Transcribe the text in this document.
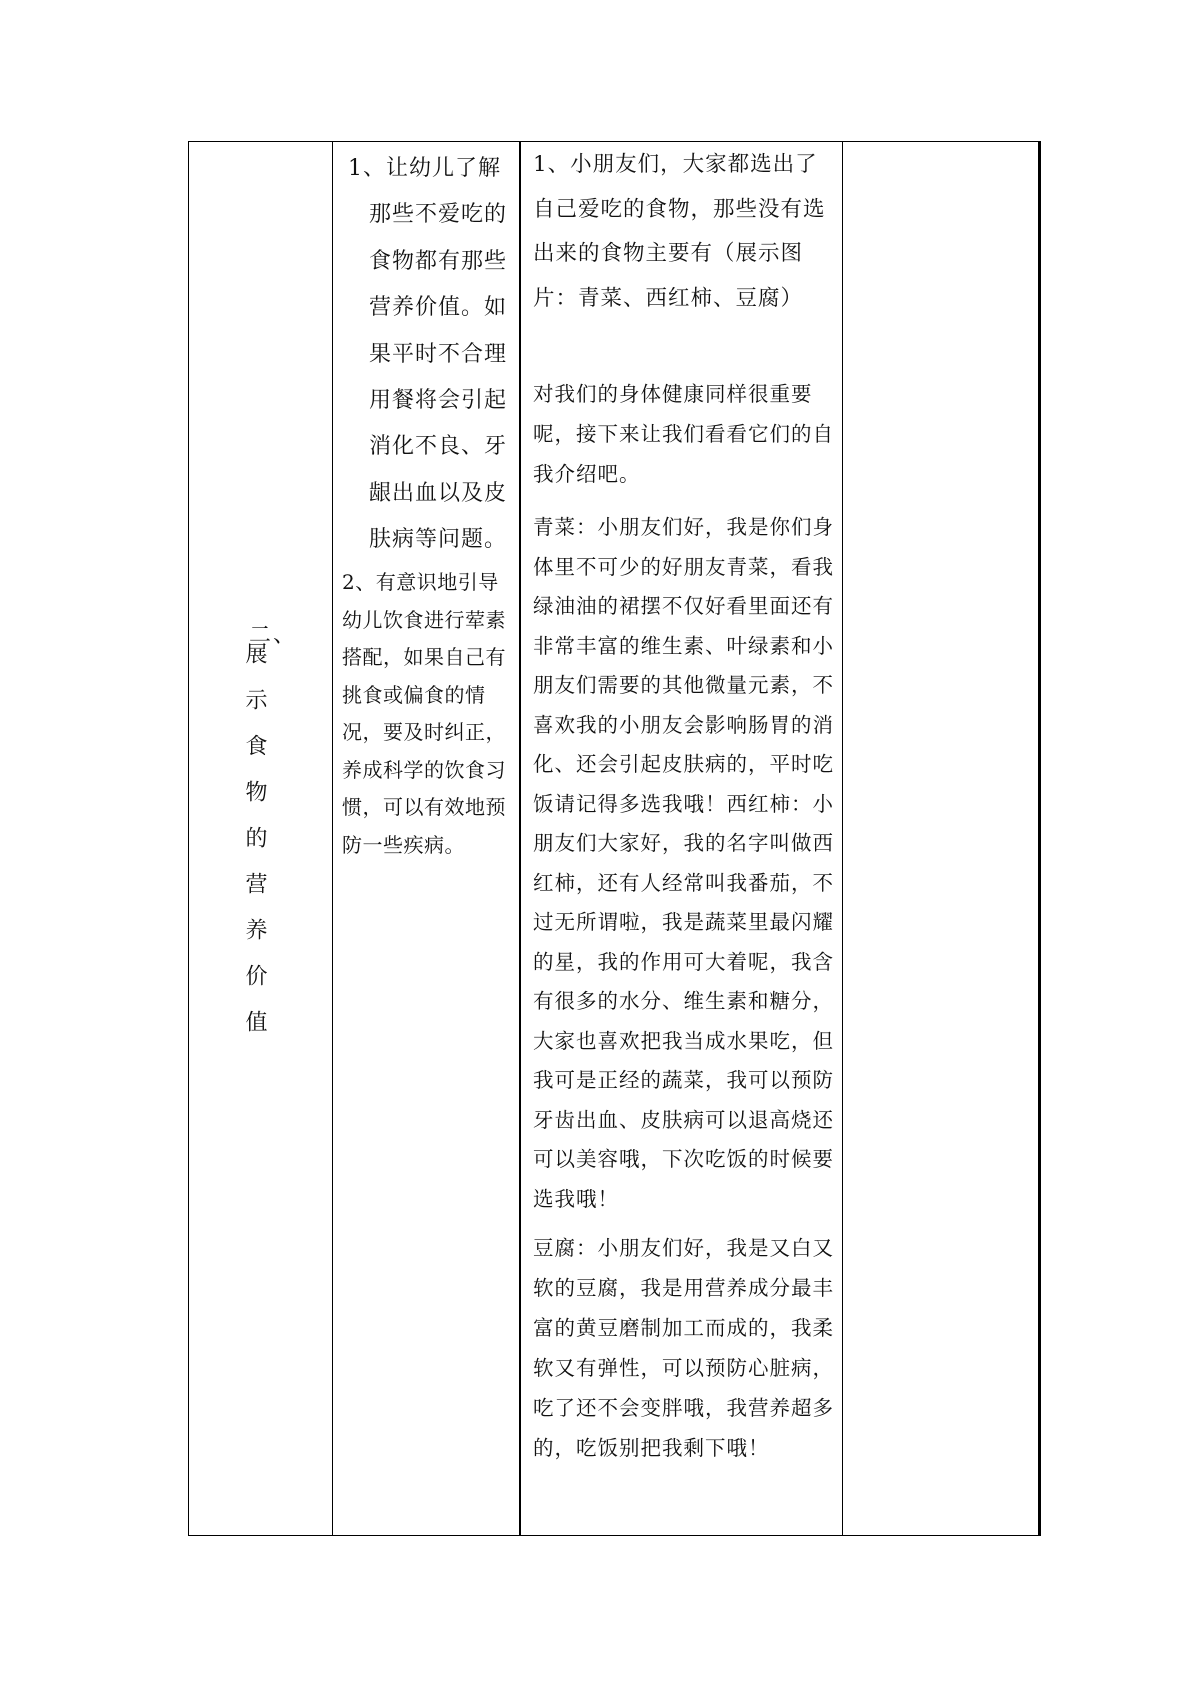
二、
展示食物的营养价值
1、让幼儿了解
那些不爱吃的食物都有那些营养价值。如果平时不合理用餐将会引起消化不良、牙龈出血以及皮肤病等问题。
2、有意识地引导幼儿饮食进行荤素搭配，如果自己有挑食或偏食的情况，要及时纠正，养成科学的饮食习惯，可以有效地预防一些疾病。
1、小朋友们，大家都选出了自己爱吃的食物，那些没有选出来的食物主要有（展示图片：青菜、西红柿、豆腐）
对我们的身体健康同样很重要呢，接下来让我们看看它们的自我介绍吧。
青菜：小朋友们好，我是你们身体里不可少的好朋友青菜，看我绿油油的裙摆不仅好看里面还有非常丰富的维生素、叶绿素和小朋友们需要的其他微量元素，不喜欢我的小朋友会影响肠胃的消化、还会引起皮肤病的，平时吃饭请记得多选我哦！西红柿：小朋友们大家好，我的名字叫做西红柿，还有人经常叫我番茄，不过无所谓啦，我是蔬菜里最闪耀的星，我的作用可大着呢，我含有很多的水分、维生素和糖分，大家也喜欢把我当成水果吃，但我可是正经的蔬菜，我可以预防牙齿出血、皮肤病可以退高烧还可以美容哦，下次吃饭的时候要选我哦！
豆腐：小朋友们好，我是又白又软的豆腐，我是用营养成分最丰富的黄豆磨制加工而成的，我柔软又有弹性，可以预防心脏病，吃了还不会变胖哦，我营养超多的，吃饭别把我剩下哦！
